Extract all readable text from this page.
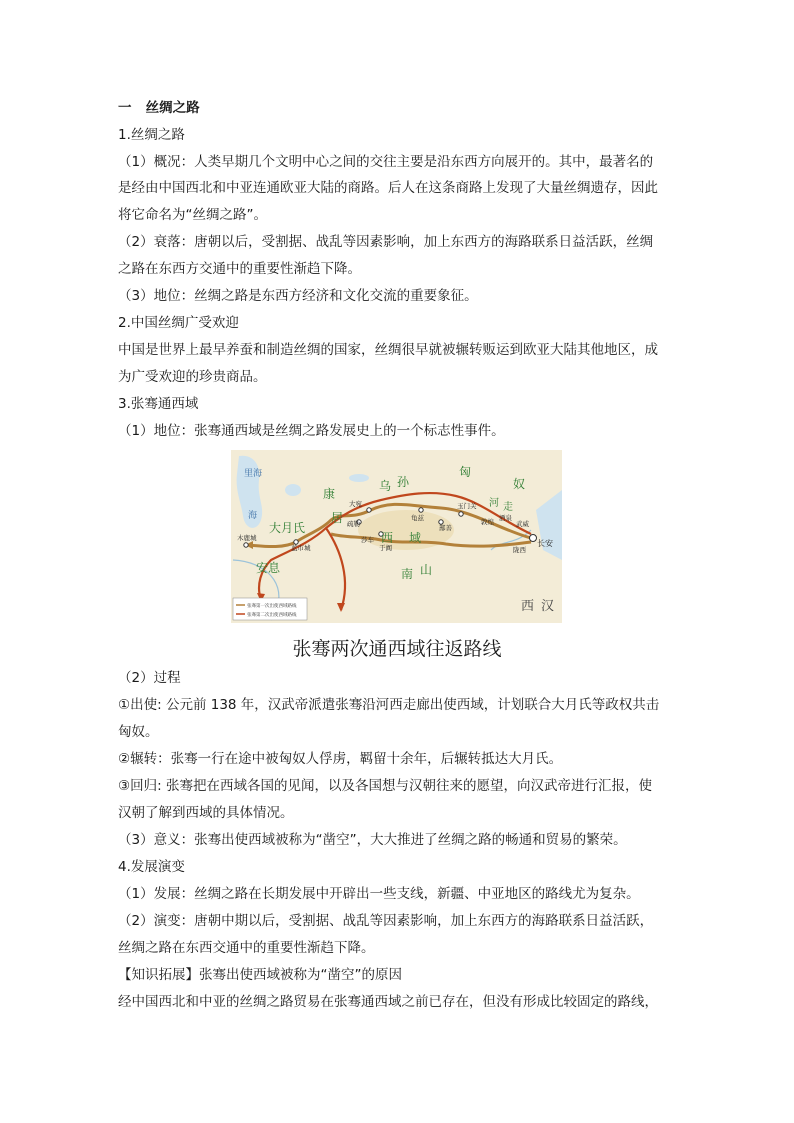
一 丝绸之路
1.丝绸之路
（1）概况：人类早期几个文明中心之间的交往主要是沿东西方向展开的。其中，最著名的
是经由中国西北和中亚连通欧亚大陆的商路。后人在这条商路上发现了大量丝绸遗存，因此
将它命名为“丝绸之路”。
（2）衰落：唐朝以后，受割据、战乱等因素影响，加上东西方的海路联系日益活跃，丝绸
之路在东西方交通中的重要性渐趋下降。
（3）地位：丝绸之路是东西方经济和文化交流的重要象征。
2.中国丝绸广受欢迎
中国是世界上最早养蚕和制造丝绸的国家，丝绸很早就被辗转贩运到欧亚大陆其他地区，成
为广受欢迎的珍贵商品。
3.张骞通西域
（1）地位：张骞通西域是丝绸之路发展史上的一个标志性事件。
里海
海
康
居
大月氏
安息
乌 孙
匈
奴
西 域
南 山
西 汉
长安
大宛
疏勒
莎车
于阗
龟兹
鄯善
玉门关
敦煌 酒泉
武威
陇西
蓝市城
木鹿城
河 走
张骞第一次出使西域路线
张骞第二次出使西域路线
张骞两次通西域往返路线
（2）过程
①出使: 公元前 138 年，汉武帝派遣张骞沿河西走廊出使西域，计划联合大月氏等政权共击
匈奴。
②辗转：张骞一行在途中被匈奴人俘虏，羁留十余年，后辗转抵达大月氏。
③回归: 张骞把在西域各国的见闻，以及各国想与汉朝往来的愿望，向汉武帝进行汇报，使
汉朝了解到西域的具体情况。
（3）意义：张骞出使西域被称为“凿空”，大大推进了丝绸之路的畅通和贸易的繁荣。
4.发展演变
（1）发展：丝绸之路在长期发展中开辟出一些支线，新疆、中亚地区的路线尤为复杂。
（2）演变：唐朝中期以后，受割据、战乱等因素影响，加上东西方的海路联系日益活跃，
丝绸之路在东西交通中的重要性渐趋下降。
【知识拓展】张骞出使西域被称为“凿空”的原因
经中国西北和中亚的丝绸之路贸易在张骞通西域之前已存在，但没有形成比较固定的路线，
